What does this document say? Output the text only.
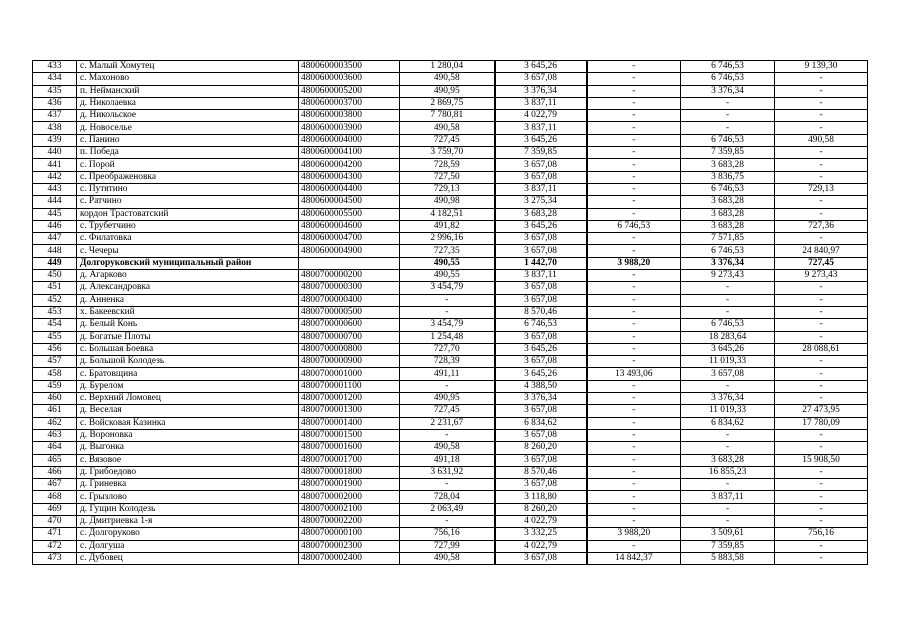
433	с. Малый Хомутец	4800600003500	1 280,04	3 645,26	-	6 746,53	9 139,30
434	с. Махоново	4800600003600	490,58	3 657,08	-	6 746,53	-
435	п. Нейманский	4800600005200	490,95	3 376,34	-	3 376,34	-
436	д. Николаевка	4800600003700	2 869,75	3 837,11	-	-	-
437	д. Никольское	4800600003800	7 780,81	4 022,79	-	-	-
438	д. Новоселье	4800600003900	490,58	3 837,11	-	-	-
439	с. Панино	4800600004000	727,45	3 645,26	-	6 746,53	490,58
440	п. Победа	4800600004100	3 759,70	7 359,85	-	7 359,85	-
441	с. Порой	4800600004200	728,59	3 657,08	-	3 683,28	-
442	с. Преображеновка	4800600004300	727,50	3 657,08	-	3 836,75	-
443	с. Путятино	4800600004400	729,13	3 837,11	-	6 746,53	729,13
444	с. Ратчино	4800600004500	490,98	3 275,34	-	3 683,28	-
445	кордон Трастоватский	4800600005500	4 182,51	3 683,28	-	3 683,28	-
446	с. Трубетчино	4800600004600	491,82	3 645,26	6 746,53	3 683,28	727,36
447	с. Филатовка	4800600004700	2 996,16	3 657,08	-	7 571,85	-
448	с. Чечеры	4800600004900	727,35	3 657,08	-	6 746,53	24 840,97
449	Долгоруковский муниципальный район		490,55	1 442,70	3 988,20	3 376,34	727,45
450	д. Агарково	4800700000200	490,55	3 837,11	-	9 273,43	9 273,43
451	д. Александровка	4800700000300	3 454,79	3 657,08	-	-	-
452	д. Анненка	4800700000400	-	3 657,08	-	-	-
453	х. Бакеевский	4800700000500	-	8 570,46	-	-	-
454	д. Белый Конь	4800700000600	3 454,79	6 746,53	-	6 746,53	-
455	д. Богатые Плоты	4800700000700	1 254,48	3 657,08	-	18 283,64	-
456	с. Большая Боевка	4800700000800	727,70	3 645,26	-	3 645,26	28 088,61
457	д. Большой Колодезь	4800700000900	728,39	3 657,08	-	11 019,33	-
458	с. Братовщина	4800700001000	491,11	3 645,26	13 493,06	3 657,08	-
459	д. Бурелом	4800700001100	-	4 388,50	-	-	-
460	с. Верхний Ломовец	4800700001200	490,95	3 376,34	-	3 376,34	-
461	д. Веселая	4800700001300	727,45	3 657,08	-	11 019,33	27 473,95
462	с. Войсковая Казинка	4800700001400	2 231,67	6 834,62	-	6 834,62	17 780,09
463	д. Вороновка	4800700001500	-	3 657,08	-	-	-
464	д. Выгонка	4800700001600	490,58	8 260,20	-	-	-
465	с. Вязовое	4800700001700	491,18	3 657,08	-	3 683,28	15 908,50
466	д. Грибоедово	4800700001800	3 631,92	8 570,46	-	16 855,23	-
467	д. Гриневка	4800700001900	-	3 657,08	-	-	-
468	с. Грызлово	4800700002000	728,04	3 118,80	-	3 837,11	-
469	д. Гущин Колодезь	4800700002100	2 063,49	8 260,20	-	-	-
470	д. Дмитриевка 1-я	4800700002200	-	4 022,79	-	-	-
471	с. Долгоруково	4800700000100	756,16	3 332,25	3 988,20	3 509,61	756,16
472	с. Долгуша	4800700002300	727,99	4 022,79	-	7 359,85	-
473	с. Дубовец	4800700002400	490,58	3 657,08	14 842,37	5 883,58	-
